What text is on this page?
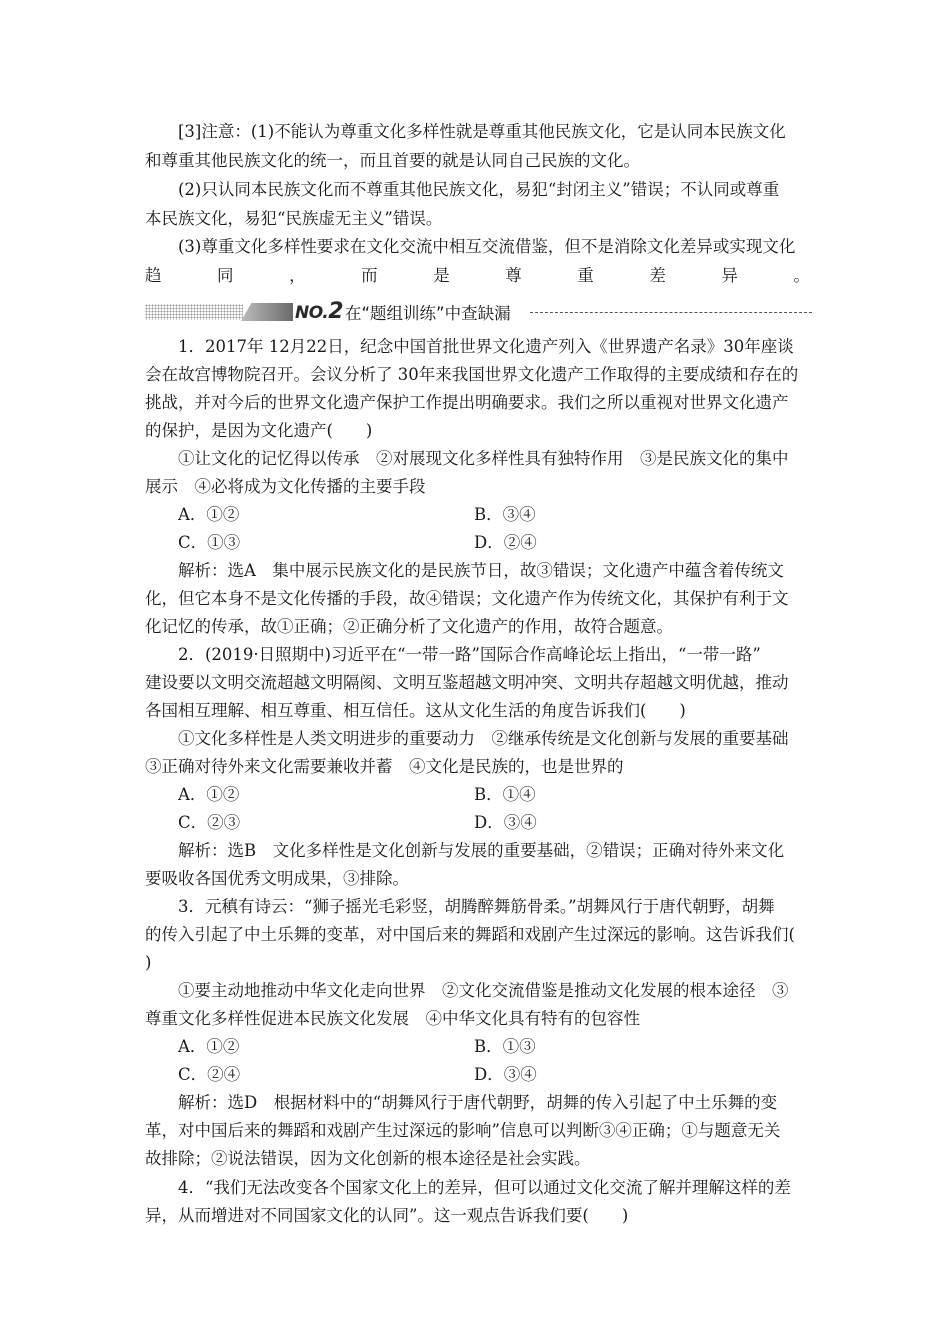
[3]注意：(1)不能认为尊重文化多样性就是尊重其他民族文化，它是认同本民族文化
和尊重其他民族文化的统一，而且首要的就是认同自己民族的文化。
(2)只认同本民族文化而不尊重其他民族文化，易犯“封闭主义”错误；不认同或尊重
本民族文化，易犯“民族虚无主义”错误。
(3)尊重文化多样性要求在文化交流中相互交流借鉴，但不是消除文化差异或实现文化
趋	同	，	而	是	尊	重	差	异	。
NO.2 在“题组训练”中查缺漏
1．2017年 12月22日，纪念中国首批世界文化遗产列入《世界遗产名录》30年座谈
会在故宫博物院召开。会议分析了 30年来我国世界文化遗产工作取得的主要成绩和存在的
挑战，并对今后的世界文化遗产保护工作提出明确要求。我们之所以重视对世界文化遗产
的保护，是因为文化遗产(　　)
①让文化的记忆得以传承　②对展现文化多样性具有独特作用　③是民族文化的集中
展示　④必将成为文化传播的主要手段
A．①②	B．③④
C．①③	D．②④
解析：选A　集中展示民族文化的是民族节日，故③错误；文化遗产中蕴含着传统文
化，但它本身不是文化传播的手段，故④错误；文化遗产作为传统文化，其保护有利于文
化记忆的传承，故①正确；②正确分析了文化遗产的作用，故符合题意。
2．(2019·日照期中)习近平在“一带一路”国际合作高峰论坛上指出，“一带一路”
建设要以文明交流超越文明隔阂、文明互鉴超越文明冲突、文明共存超越文明优越，推动
各国相互理解、相互尊重、相互信任。这从文化生活的角度告诉我们(　　)
①文化多样性是人类文明进步的重要动力　②继承传统是文化创新与发展的重要基础
③正确对待外来文化需要兼收并蓄　④文化是民族的，也是世界的
A．①②	B．①④
C．②③	D．③④
解析：选B　文化多样性是文化创新与发展的重要基础，②错误；正确对待外来文化
要吸收各国优秀文明成果，③排除。
3．元稹有诗云：“狮子摇光毛彩竖，胡腾醉舞筋骨柔。”胡舞风行于唐代朝野，胡舞
的传入引起了中土乐舞的变革，对中国后来的舞蹈和戏剧产生过深远的影响。这告诉我们(
)
①要主动地推动中华文化走向世界　②文化交流借鉴是推动文化发展的根本途径　③
尊重文化多样性促进本民族文化发展　④中华文化具有特有的包容性
A．①②	B．①③
C．②④	D．③④
解析：选D　根据材料中的“胡舞风行于唐代朝野，胡舞的传入引起了中土乐舞的变
革，对中国后来的舞蹈和戏剧产生过深远的影响”信息可以判断③④正确；①与题意无关
故排除；②说法错误，因为文化创新的根本途径是社会实践。
4．“我们无法改变各个国家文化上的差异，但可以通过文化交流了解并理解这样的差
异，从而增进对不同国家文化的认同”。这一观点告诉我们要(　　)
